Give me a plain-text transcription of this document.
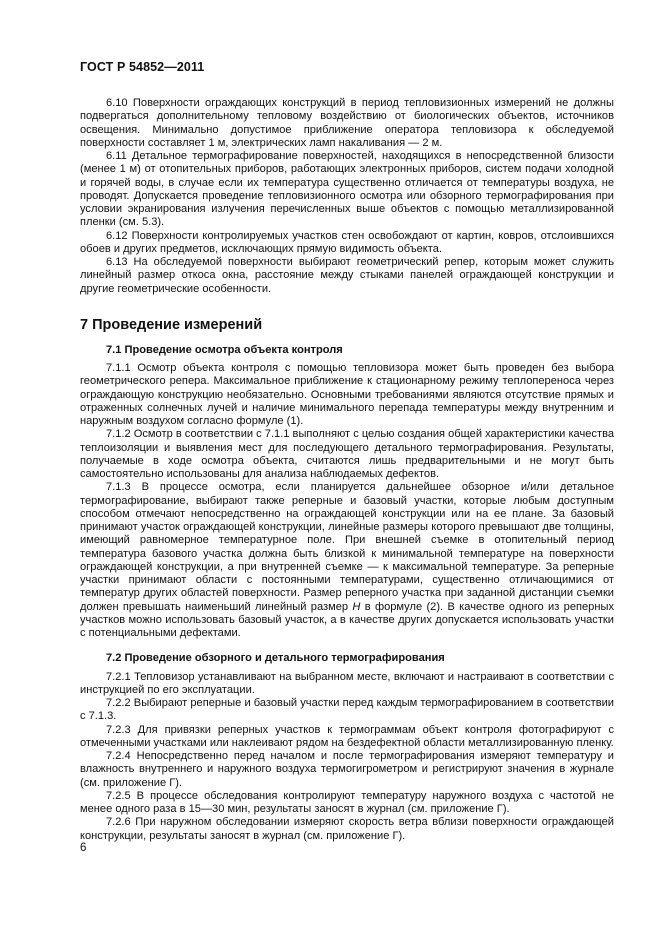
ГОСТ Р 54852—2011

6.10 Поверхности ограждающих конструкций в период тепловизионных измерений не должны подвергаться дополнительному тепловому воздействию от биологических объектов, источников освещения. Минимально допустимое приближение оператора тепловизора к обследуемой поверхности составляет 1 м, электрических ламп накаливания — 2 м.

6.11 Детальное термографирование поверхностей, находящихся в непосредственной близости (менее 1 м) от отопительных приборов, работающих электронных приборов, систем подачи холодной и горячей воды, в случае если их температура существенно отличается от температуры воздуха, не проводят. Допускается проведение тепловизионного осмотра или обзорного термографирования при условии экранирования излучения перечисленных выше объектов с помощью металлизированной пленки (см. 5.3).

6.12 Поверхности контролируемых участков стен освобождают от картин, ковров, отслоившихся обоев и других предметов, исключающих прямую видимость объекта.

6.13 На обследуемой поверхности выбирают геометрический репер, которым может служить линейный размер откоса окна, расстояние между стыками панелей ограждающей конструкции и другие геометрические особенности.

7 Проведение измерений
7.1 Проведение осмотра объекта контроля

7.1.1 Осмотр объекта контроля с помощью тепловизора может быть проведен без выбора геометрического репера. Максимальное приближение к стационарному режиму теплопереноса через ограждающую конструкцию необязательно. Основными требованиями являются отсутствие прямых и отраженных солнечных лучей и наличие минимального перепада температуры между внутренним и наружным воздухом согласно формуле (1).

7.1.2 Осмотр в соответствии с 7.1.1 выполняют с целью создания общей характеристики качества теплоизоляции и выявления мест для последующего детального термографирования. Результаты, получаемые в ходе осмотра объекта, считаются лишь предварительными и не могут быть самостоятельно использованы для анализа наблюдаемых дефектов.

7.1.3 В процессе осмотра, если планируется дальнейшее обзорное и/или детальное термографирование, выбирают также реперные и базовый участки, которые любым доступным способом отмечают непосредственно на ограждающей конструкции или на ее плане. За базовый принимают участок ограждающей конструкции, линейные размеры которого превышают две толщины, имеющий равномерное температурное поле. При внешней съемке в отопительный период температура базового участка должна быть близкой к минимальной температуре на поверхности ограждающей конструкции, а при внутренней съемке — к максимальной температуре. За реперные участки принимают области с постоянными температурами, существенно отличающимися от температур других областей поверхности. Размер реперного участка при заданной дистанции съемки должен превышать наименьший линейный размер H в формуле (2). В качестве одного из реперных участков можно использовать базовый участок, а в качестве других допускается использовать участки с потенциальными дефектами.

7.2 Проведение обзорного и детального термографирования

7.2.1 Тепловизор устанавливают на выбранном месте, включают и настраивают в соответствии с инструкцией по его эксплуатации.

7.2.2 Выбирают реперные и базовый участки перед каждым термографированием в соответствии с 7.1.3.

7.2.3 Для привязки реперных участков к термограммам объект контроля фотографируют с отмеченными участками или наклеивают рядом на бездефектной области металлизированную пленку.

7.2.4 Непосредственно перед началом и после термографирования измеряют температуру и влажность внутреннего и наружного воздуха термогигрометром и регистрируют значения в журнале (см. приложение Г).

7.2.5 В процессе обследования контролируют температуру наружного воздуха с частотой не менее одного раза в 15—30 мин, результаты заносят в журнал (см. приложение Г).

7.2.6 При наружном обследовании измеряют скорость ветра вблизи поверхности ограждающей конструкции, результаты заносят в журнал (см. приложение Г).

6
